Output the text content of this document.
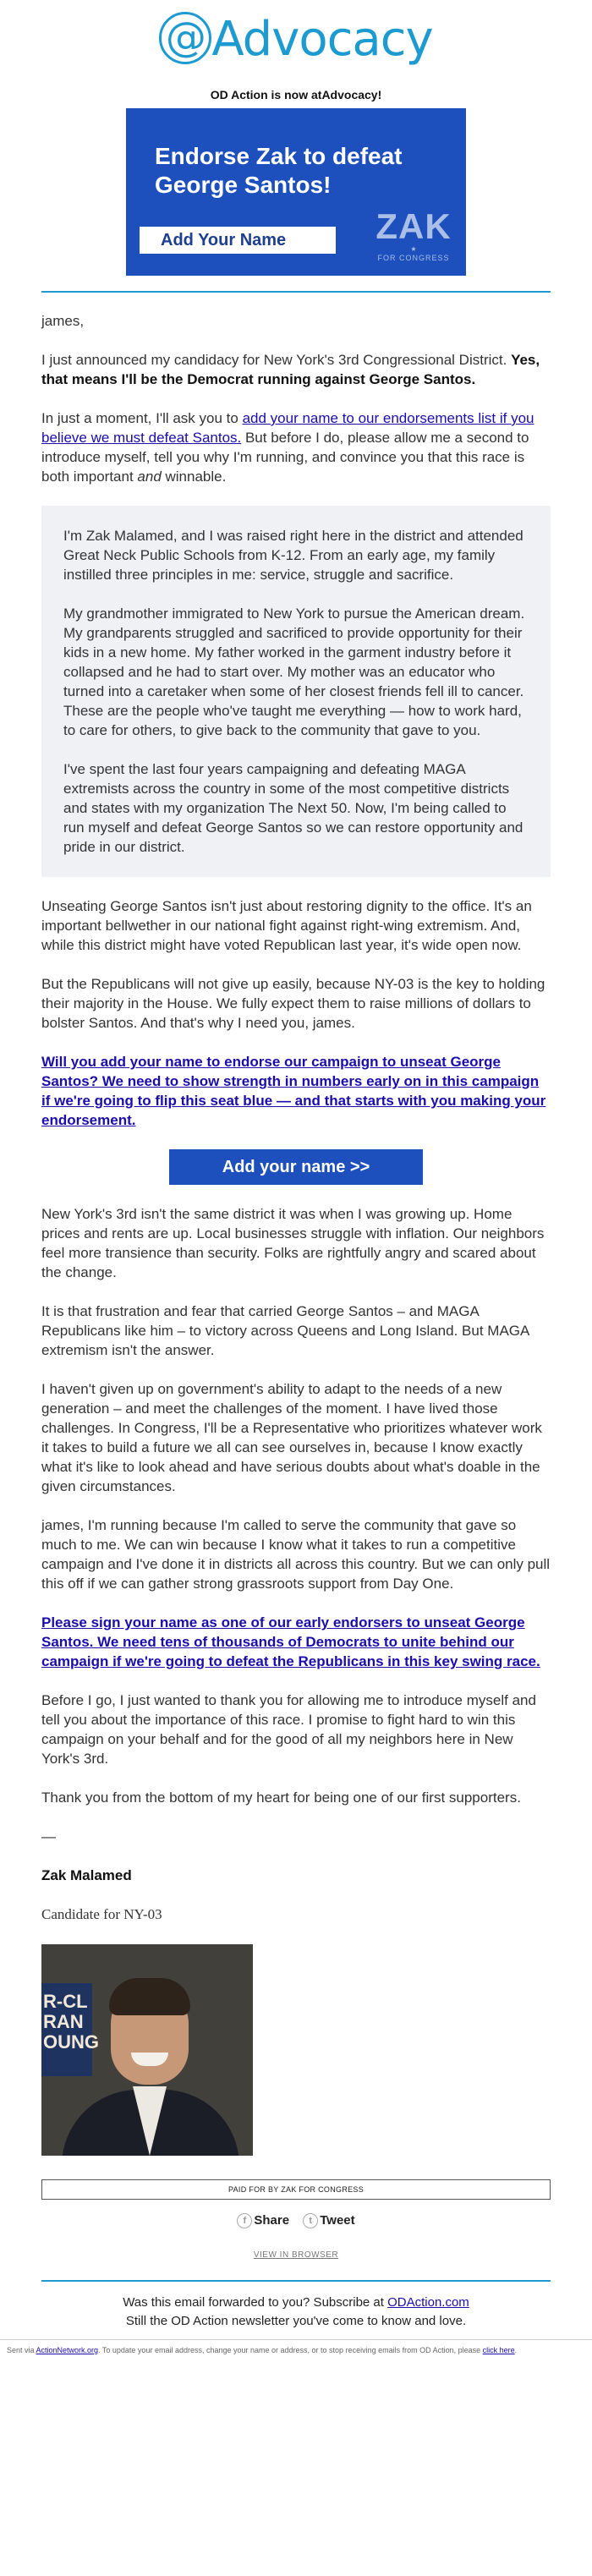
@ Advocacy
OD Action is now atAdvocacy!
Endorse Zak to defeat
George Santos!
Add Your Name	ZAK
★
FOR CONGRESS

james,

I just announced my candidacy for New York's 3rd Congressional District. Yes, that means I'll be the Democrat running against George Santos.

In just a moment, I'll ask you to add your name to our endorsements list if you believe we must defeat Santos. But before I do, please allow me a second to introduce myself, tell you why I'm running, and convince you that this race is both important and winnable.

I'm Zak Malamed, and I was raised right here in the district and attended Great Neck Public Schools from K-12. From an early age, my family instilled three principles in me: service, struggle and sacrifice.

My grandmother immigrated to New York to pursue the American dream. My grandparents struggled and sacrificed to provide opportunity for their kids in a new home. My father worked in the garment industry before it collapsed and he had to start over. My mother was an educator who turned into a caretaker when some of her closest friends fell ill to cancer. These are the people who've taught me everything — how to work hard, to care for others, to give back to the community that gave to you.

I've spent the last four years campaigning and defeating MAGA extremists across the country in some of the most competitive districts and states with my organization The Next 50. Now, I'm being called to run myself and defeat George Santos so we can restore opportunity and pride in our district.

Unseating George Santos isn't just about restoring dignity to the office. It's an important bellwether in our national fight against right-wing extremism. And, while this district might have voted Republican last year, it's wide open now.

But the Republicans will not give up easily, because NY-03 is the key to holding their majority in the House. We fully expect them to raise millions of dollars to bolster Santos. And that's why I need you, james.

Will you add your name to endorse our campaign to unseat George Santos? We need to show strength in numbers early on in this campaign if we're going to flip this seat blue — and that starts with you making your endorsement.

Add your name >>

New York's 3rd isn't the same district it was when I was growing up. Home prices and rents are up. Local businesses struggle with inflation. Our neighbors feel more transience than security. Folks are rightfully angry and scared about the change.

It is that frustration and fear that carried George Santos – and MAGA Republicans like him – to victory across Queens and Long Island. But MAGA extremism isn't the answer.

I haven't given up on government's ability to adapt to the needs of a new generation – and meet the challenges of the moment. I have lived those challenges. In Congress, I'll be a Representative who prioritizes whatever work it takes to build a future we all can see ourselves in, because I know exactly what it's like to look ahead and have serious doubts about what's doable in the given circumstances.

james, I'm running because I'm called to serve the community that gave so much to me. We can win because I know what it takes to run a competitive campaign and I've done it in districts all across this country. But we can only pull this off if we can gather strong grassroots support from Day One.

Please sign your name as one of our early endorsers to unseat George Santos. We need tens of thousands of Democrats to unite behind our campaign if we're going to defeat the Republicans in this key swing race.

Before I go, I just wanted to thank you for allowing me to introduce myself and tell you about the importance of this race. I promise to fight hard to win this campaign on your behalf and for the good of all my neighbors here in New York's 3rd.

Thank you from the bottom of my heart for being one of our first supporters.

—
Zak Malamed
Candidate for NY-03
R-CL
RAN
OUNG
PAID FOR BY ZAK FOR CONGRESS
f Share t Tweet
VIEW IN BROWSER
Was this email forwarded to you? Subscribe at ODAction.com
Still the OD Action newsletter you've come to know and love.
Sent via ActionNetwork.org. To update your email address, change your name or address, or to stop receiving emails from OD Action, please click here.
